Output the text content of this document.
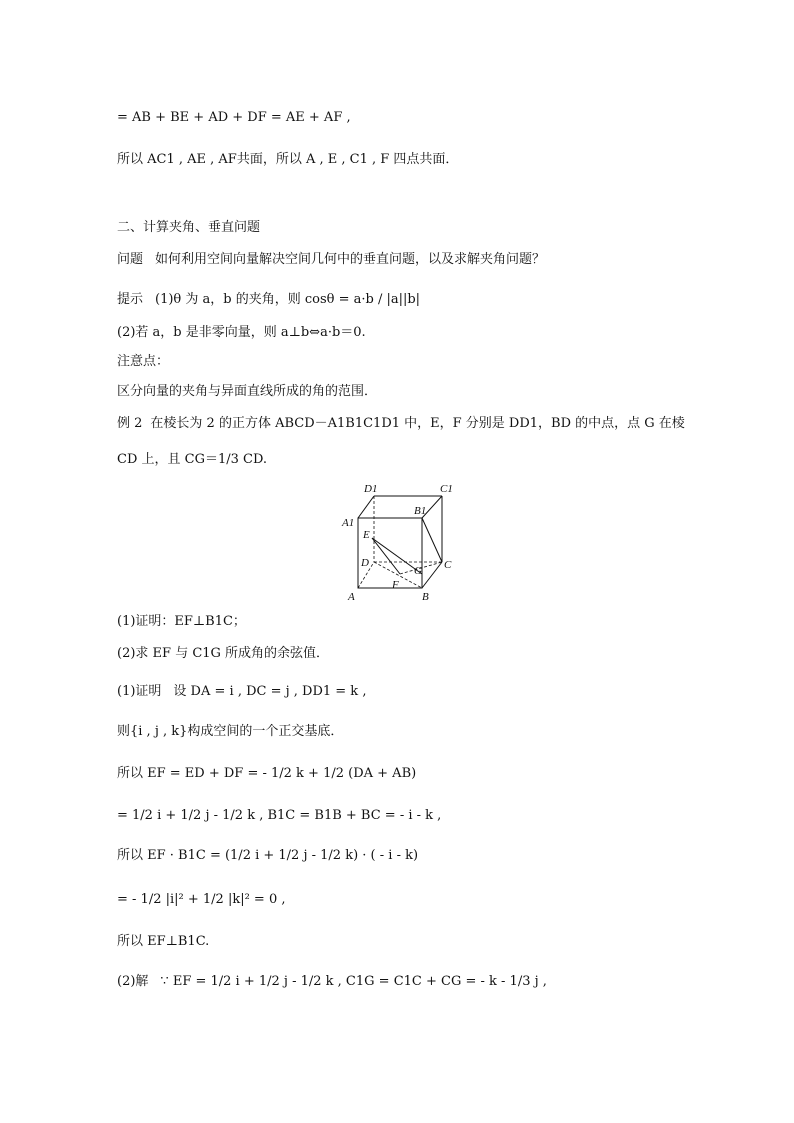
= AB + BE + AD + DF = AE + AF ,
所以 AC1 , AE , AF共面，所以 A , E , C1 , F 四点共面．
二、计算夹角、垂直问题
问题 如何利用空间向量解决空间几何中的垂直问题，以及求解夹角问题？
提示 (1)θ 为 a，b 的夹角，则 cosθ = a·b / |a||b|
(2)若 a，b 是非零向量，则 a⊥b⇔a·b＝0.
注意点：
区分向量的夹角与异面直线所成的角的范围．
例 2 在棱长为 2 的正方体 ABCD－A1B1C1D1 中，E，F 分别是 DD1，BD 的中点，点 G 在棱
CD 上，且 CG＝1/3 CD.
D1	C1
A1
B1
E
D
G C
F
A	B
(1)证明：EF⊥B1C；
(2)求 EF 与 C1G 所成角的余弦值．
(1)证明 设 DA = i , DC = j , DD1 = k ,
则{i , j , k}构成空间的一个正交基底．
所以 EF = ED + DF = - 1/2 k + 1/2 (DA + AB)
= 1/2 i + 1/2 j - 1/2 k , B1C = B1B + BC = - i - k ,
所以 EF · B1C = (1/2 i + 1/2 j - 1/2 k) · ( - i - k)
= - 1/2 |i|² + 1/2 |k|² = 0 ,
所以 EF⊥B1C.
(2)解 ∵ EF = 1/2 i + 1/2 j - 1/2 k , C1G = C1C + CG = - k - 1/3 j ,
